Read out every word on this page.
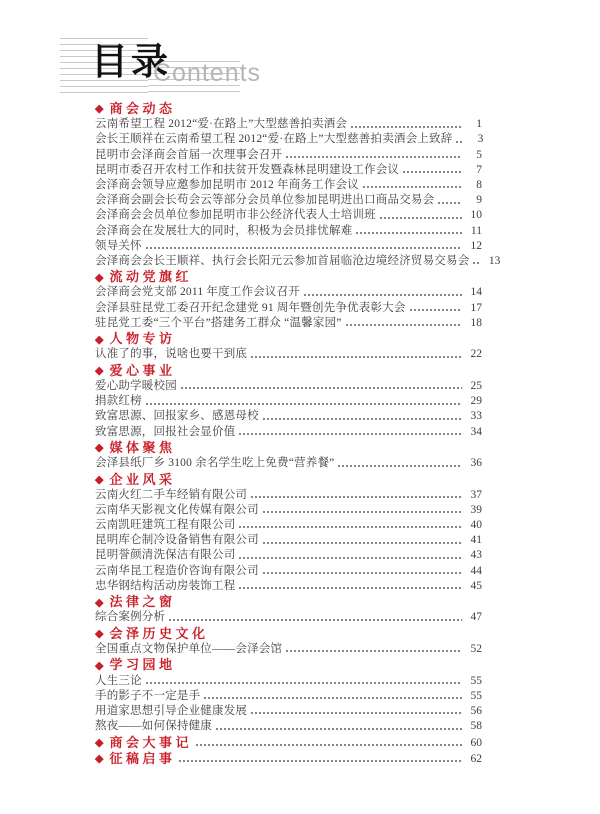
目录
Contents
◆ 商会动态
云南希望工程 2012“爱·在路上”大型慈善拍卖酒会	1
会长王顺祥在云南希望工程 2012“爱·在路上”大型慈善拍卖酒会上致辞	3
昆明市会泽商会首届一次理事会召开	5
昆明市委召开农村工作和扶贫开发暨森林昆明建设工作会议	7
会泽商会领导应邀参加昆明市 2012 年商务工作会议	8
会泽商会副会长苟会云等部分会员单位参加昆明进出口商品交易会	9
会泽商会会员单位参加昆明市非公经济代表人士培训班	10
会泽商会在发展壮大的同时，积极为会员排忧解难	11
领导关怀	12
会泽商会会长王顺祥、执行会长阳元云参加首届临沧边境经济贸易交易会	13
◆ 流动党旗红
会泽商会党支部 2011 年度工作会议召开	14
会泽县驻昆党工委召开纪念建党 91 周年暨创先争优表彰大会	17
驻昆党工委“三个平台”搭建务工群众 “温馨家园”	18
◆ 人物专访
认准了的事，说啥也要干到底	22
◆ 爱心事业
爱心助学暖校园	25
捐款红榜	29
致富思源、回报家乡、感恩母校	33
致富思源，回报社会显价值	34
◆ 媒体聚焦
会泽县纸厂乡 3100 余名学生吃上免费“营养餐”	36
◆ 企业风采
云南火红二手车经销有限公司	37
云南华天影视文化传媒有限公司	39
云南凯旺建筑工程有限公司	40
昆明库仑制冷设备销售有限公司	41
昆明誉颜清洗保洁有限公司	43
云南华昆工程造价咨询有限公司	44
忠华钢结构活动房装饰工程	45
◆ 法律之窗
综合案例分析	47
◆ 会泽历史文化
全国重点文物保护单位——会泽会馆	52
◆ 学习园地
人生三论	55
手的影子不一定是手	55
用道家思想引导企业健康发展	56
熬夜——如何保持健康	58
◆ 商会大事记	60
◆ 征稿启事	62
